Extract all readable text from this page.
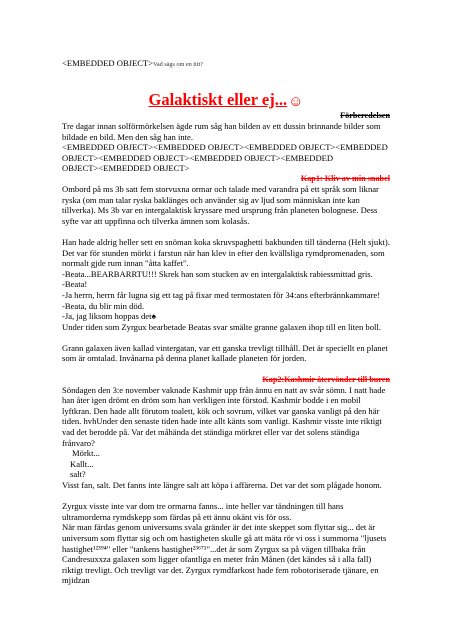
<EMBEDDED OBJECT>Vad sägs om en titt?

Galaktiskt eller ej...☺
Förberedelsen

Tre dagar innan solförmörkelsen ägde rum såg han bilden av ett dussin brinnande bilder som bildade en bild. Men den såg han inte.

<EMBEDDED OBJECT><EMBEDDED OBJECT><EMBEDDED OBJECT><EMBEDDED

OBJECT><EMBEDDED OBJECT><EMBEDDED OBJECT><EMBEDDED

OBJECT><EMBEDDED OBJECT>

Kap1: Kliv av min snabel

Ombord på ms 3b satt fem storvuxna ormar och talade med varandra på ett språk som liknar ryska (om man talar ryska baklänges och använder sig av ljud som människan inte kan tillverka). Ms 3b var en intergalaktisk kryssare med ursprung från planeten bolognese. Dess syfte var att uppfinna och tilverka ämnen som kolasås.

Han hade aldrig heller sett en snöman koka skruvspaghetti bakbunden till tänderna (Helt sjukt). Det var för stunden mörkt i farstun när han klev in efter den kvällsliga rymdpromenaden, som normalt gjde rum innan "åtta kaffet".

-Beata...BEARBARRTU!!! Skrek han som stucken av en intergalaktisk rabiessmittad gris.

-Beata!

-Ja herrn, herrn får lugna sig ett tag på fixar med termostaten för 34:ans efterbrännkammare!

-Beata, du blir min död.

-Ja, jag liksom hoppas det♠

Under tiden som Zyrgux bearbetade Beatas svar smälte granne galaxen ihop till en liten boll.

Grann galaxen även kallad vintergatan, var ett ganska trevligt tillhåll. Det är speciellt en planet som är omtalad. Invånarna på denna planet kallade planeten för jorden.

Kap2:Kashmir återvänder till buren

Söndagen den 3:e november vaknade Kashmir upp från ännu en natt av svår sömn. I natt hade han åter igen drömt en dröm som han verkligen inte förstod. Kashmir bodde i en mobil lyftkran. Den hade allt förutom toalett, kök och sovrum, vilket var ganska vanligt på den här tiden. hvhUnder den senaste tiden hade inte allt känts som vanligt. Kashmir visste inte riktigt vad det berodde på. Var det måhända det ständiga mörkret eller var det solens ständiga frånvaro?

Mörkt...

Kallt...

salt?

Visst fan, salt. Det fanns inte längre salt att köpa i affärerna. Det var det som plågade honom.

Zyrgux visste inte var dom tre ormarna fanns... inte heller var tändningen till hans ultramorderna rymdskepp som färdas på ett ännu okänt vis för oss.

När man färdas genom universums svala gränder är det inte skeppet som flyttar sig... det är universum som flyttar sig och om hastigheten skulle gå att mäta rör vi oss i summorna "ljusets hastighet¹²³⁹⁴" eller "tankens hastighet²³⁶⁷¹"...det är som Zyrgux sa på vägen tillbaka från Candresuxxza galaxen som ligger ofantliga en meter från Månen (det kändes så i alla fall) riktigt trevligt. Och trevligt var det. Zyrgux rymdfarkost hade fem robotoriserade tjänare, en mjidzan
